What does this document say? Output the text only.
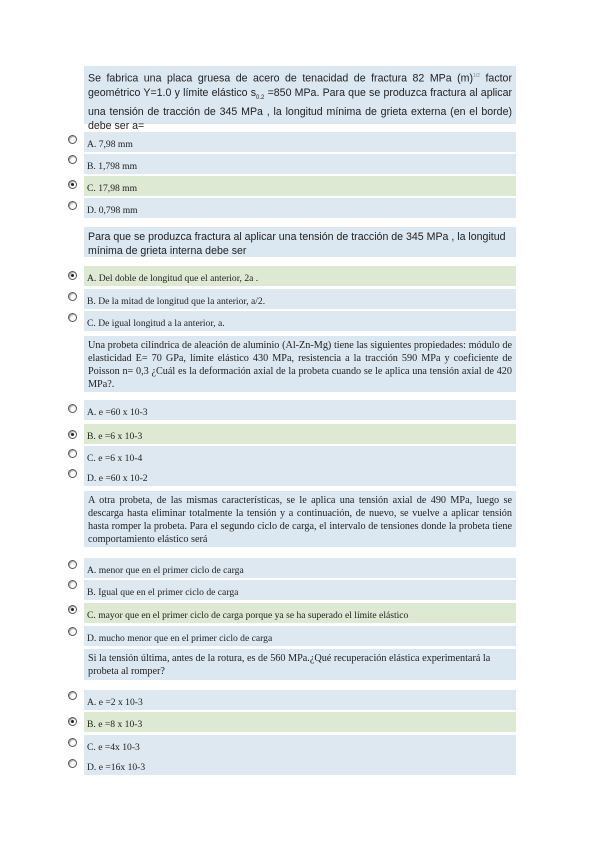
Se fabrica una placa gruesa de acero de tenacidad de fractura 82 MPa $(m)^{1/2}$ factor geométrico Y=1.0 y límite elástico $s_{0.2} =850$ MPa. Para que se produzca fractura al aplicar una tensión de tracción de 345 MPa , la longitud mínima de grieta externa (en el borde) debe ser a=
A. 7,98 mm
B. 1,798 mm
C. 17,98 mm
D. 0,798 mm
Para que se produzca fractura al aplicar una tensión de tracción de 345 MPa , la longitud mínima de grieta interna debe ser
A. Del doble de longitud que el anterior, 2a .
B. De la mitad de longitud que la anterior, a/2.
C. De igual longitud a la anterior, a.
Una probeta cilíndrica de aleación de aluminio (Al-Zn-Mg) tiene las siguientes propiedades: módulo de elasticidad E= 70 GPa, límite elástico 430 MPa, resistencia a la tracción 590 MPa y coeficiente de Poisson n= 0,3 ¿Cuál es la deformación axial de la probeta cuando se le aplica una tensión axial de 420 MPa?.
A. e =60 x 10-3
B. e =6 x 10-3
C. e =6 x 10-4
D. e =60 x 10-2
A otra probeta, de las mismas características, se le aplica una tensión axial de 490 MPa, luego se descarga hasta eliminar totalmente la tensión y a continuación, de nuevo, se vuelve a aplicar tensión hasta romper la probeta. Para el segundo ciclo de carga, el intervalo de tensiones donde la probeta tiene comportamiento elástico será
A. menor que en el primer ciclo de carga
B. Igual que en el primer ciclo de carga
C. mayor que en el primer ciclo de carga porque ya se ha superado el límite elástico
D. mucho menor que en el primer ciclo de carga
Si la tensión última, antes de la rotura, es de 560 MPa.¿Qué recuperación elástica experimentará la probeta al romper?
A. e =2 x 10-3
B. e =8 x 10-3
C. e =4x 10-3
D. e =16x 10-3
